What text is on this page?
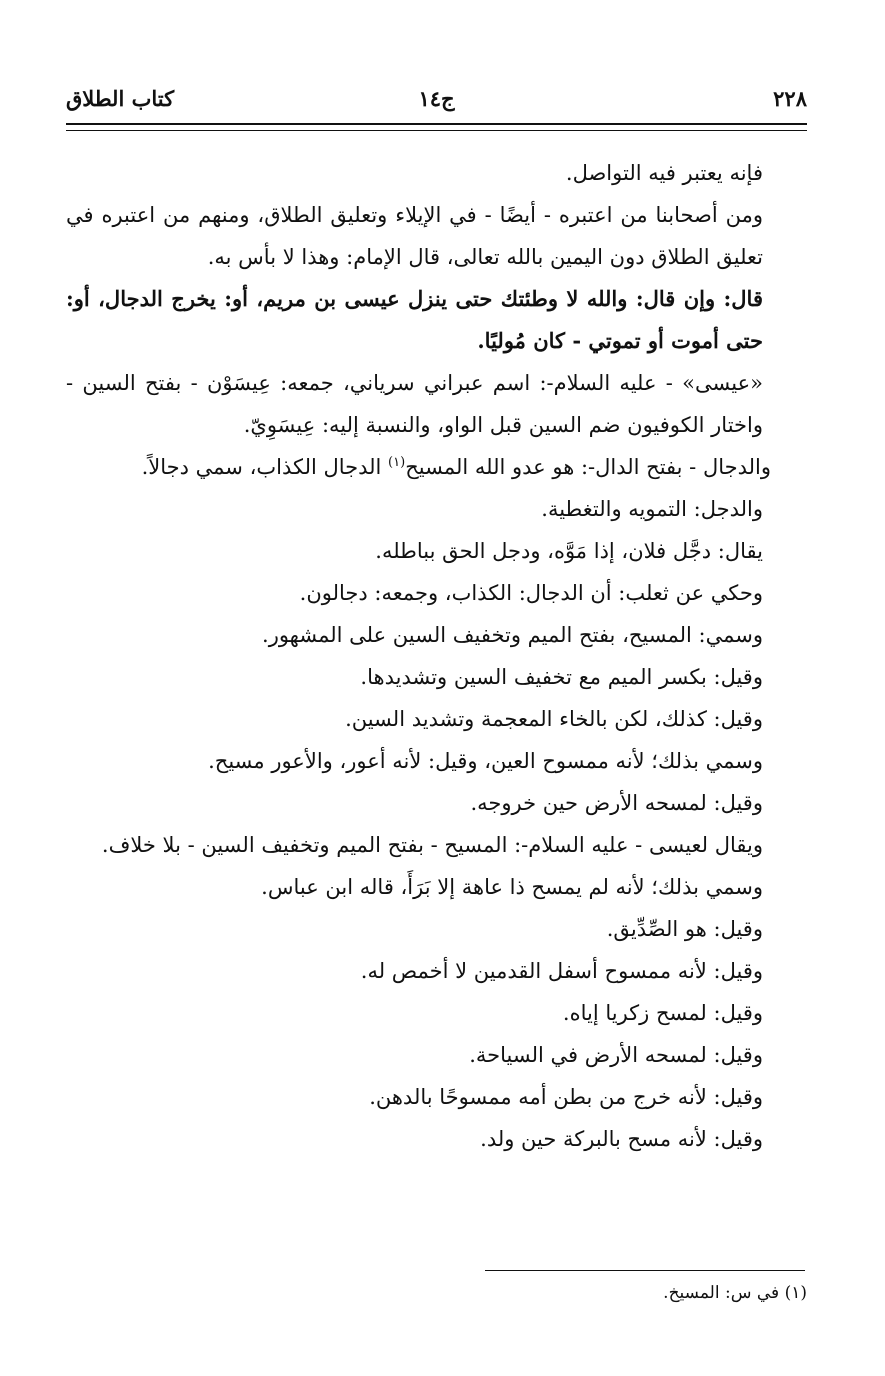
٢٢٨
ج١٤
كتاب الطلاق

فإنه يعتبر فيه التواصل.

ومن أصحابنا من اعتبره - أيضًا - في الإيلاء وتعليق الطلاق، ومنهم من اعتبره في تعليق الطلاق دون اليمين بالله تعالى، قال الإمام: وهذا لا بأس به.

قال: وإن قال: والله لا وطئتك حتى ينزل عيسى بن مريم، أو: يخرج الدجال، أو: حتى أموت أو تموتي - كان مُوليًا.

«عيسى» - عليه السلام-: اسم عبراني سرياني، جمعه: عِيسَوْن - بفتح السين - واختار الكوفيون ضم السين قبل الواو، والنسبة إليه: عِيسَوِيّ.

والدجال - بفتح الدال-: هو عدو الله المسيح$^{(١)}$ الدجال الكذاب، سمي دجالاً.

والدجل: التمويه والتغطية.

يقال: دجَّل فلان، إذا مَوَّه، ودجل الحق بباطله.

وحكي عن ثعلب: أن الدجال: الكذاب، وجمعه: دجالون.

وسمي: المسيح، بفتح الميم وتخفيف السين على المشهور.

وقيل: بكسر الميم مع تخفيف السين وتشديدها.

وقيل: كذلك، لكن بالخاء المعجمة وتشديد السين.

وسمي بذلك؛ لأنه ممسوح العين، وقيل: لأنه أعور، والأعور مسيح.

وقيل: لمسحه الأرض حين خروجه.

ويقال لعيسى - عليه السلام-: المسيح - بفتح الميم وتخفيف السين - بلا خلاف.

وسمي بذلك؛ لأنه لم يمسح ذا عاهة إلا بَرَأَ، قاله ابن عباس.

وقيل: هو الصِّدِّيق.

وقيل: لأنه ممسوح أسفل القدمين لا أخمص له.

وقيل: لمسح زكريا إياه.

وقيل: لمسحه الأرض في السياحة.

وقيل: لأنه خرج من بطن أمه ممسوحًا بالدهن.

وقيل: لأنه مسح بالبركة حين ولد.

(١) في س: المسيخ.
